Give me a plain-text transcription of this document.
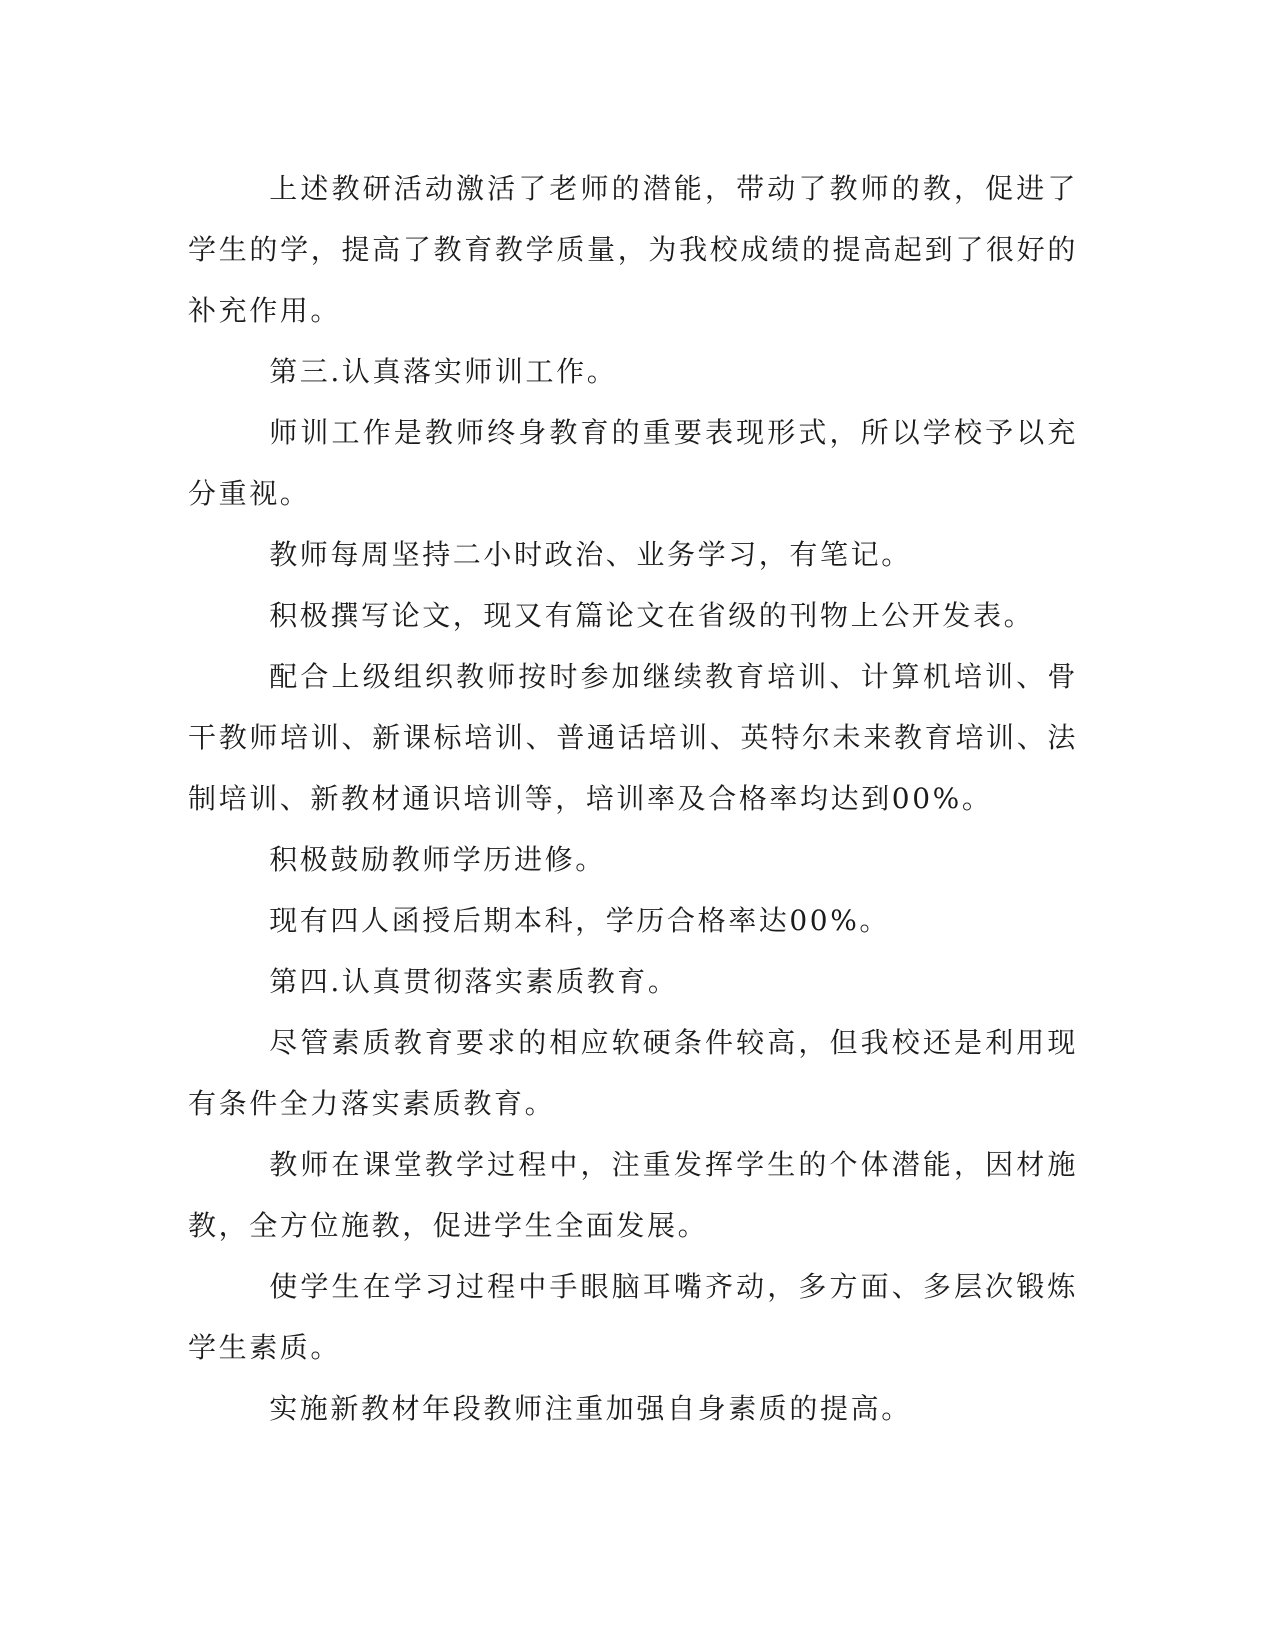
上述教研活动激活了老师的潜能，带动了教师的教，促进了学生的学，提高了教育教学质量，为我校成绩的提高起到了很好的补充作用。

第三.认真落实师训工作。

师训工作是教师终身教育的重要表现形式，所以学校予以充分重视。

教师每周坚持二小时政治、业务学习，有笔记。

积极撰写论文，现又有篇论文在省级的刊物上公开发表。

配合上级组织教师按时参加继续教育培训、计算机培训、骨干教师培训、新课标培训、普通话培训、英特尔未来教育培训、法制培训、新教材通识培训等，培训率及合格率均达到00%。

积极鼓励教师学历进修。

现有四人函授后期本科，学历合格率达00%。

第四.认真贯彻落实素质教育。

尽管素质教育要求的相应软硬条件较高，但我校还是利用现有条件全力落实素质教育。

教师在课堂教学过程中，注重发挥学生的个体潜能，因材施教，全方位施教，促进学生全面发展。

使学生在学习过程中手眼脑耳嘴齐动，多方面、多层次锻炼学生素质。

实施新教材年段教师注重加强自身素质的提高。
